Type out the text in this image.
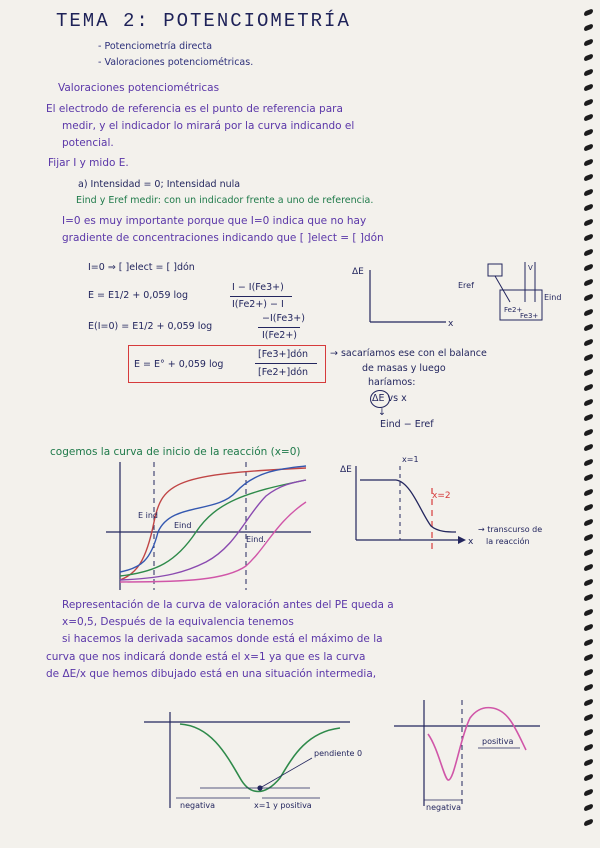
TEMA 2: POTENCIOMETRÍA
- Potenciometría directa
- Valoraciones potenciométricas.
Valoraciones potenciométricas
El electrodo de referencia es el punto de referencia para
medir, y el indicador lo mirará por la curva indicando el
potencial.
Fijar I y mido E.
a) Intensidad = 0; Intensidad nula
Eind y Eref medir: con un indicador frente a uno de referencia.
I=0 es muy importante porque que I=0 indica que no hay
gradiente de concentraciones indicando que [ ]elect = [ ]dón
I=0 ⇒ [ ]elect = [ ]dón
E = E1/2 + 0,059 log
I − I(Fe3+)
I(Fe2+) − I
E(I=0) = E1/2 + 0,059 log
−I(Fe3+)
I(Fe2+)
E = E° + 0,059 log
[Fe3+]dón
[Fe2+]dón
→ sacaríamos ese con el balance
de masas y luego
haríamos:
ΔE vs x
↓
Eind − Eref
ΔE
x
Eref
Eind
Fe2+
Fe3+
V
cogemos la curva de inicio de la reacción (x=0)
E ind
Eind
Eind.
ΔE
x=1
x=2
x
→ transcurso de
la reacción
Representación de la curva de valoración antes del PE queda a
x=0,5, Después de la equivalencia tenemos
si hacemos la derivada sacamos donde está el máximo de la
curva que nos indicará donde está el x=1 ya que es la curva
de ΔE/x que hemos dibujado está en una situación intermedia,
pendiente 0
negativa	x=1 y positiva
positiva
negativa
